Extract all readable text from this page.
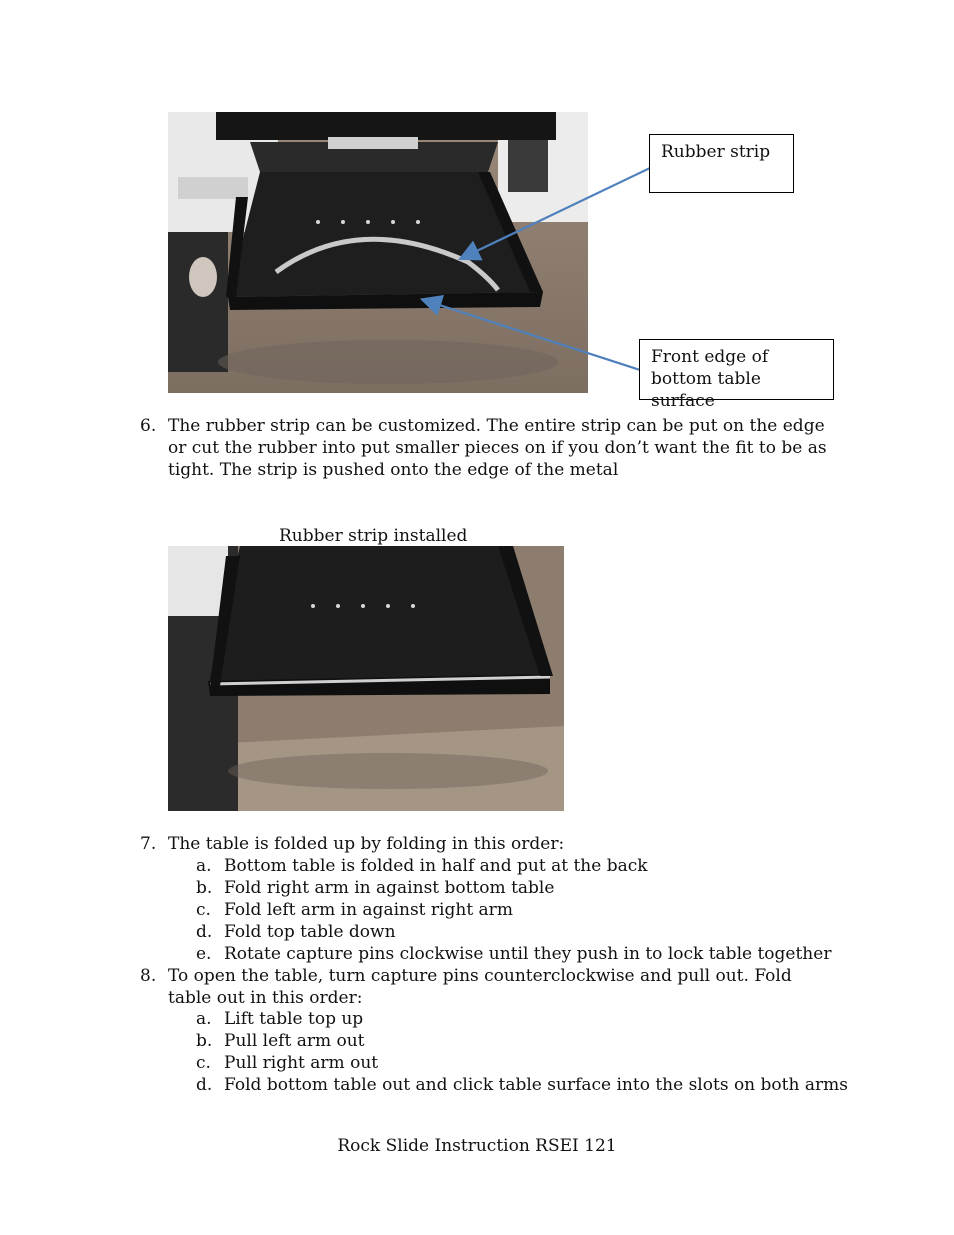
Rubber strip
Front edge of bottom table surface
6. The rubber strip can be customized. The entire strip can be put on the edge or cut the rubber into put smaller pieces on if you don’t want the fit to be as tight. The strip is pushed onto the edge of the metal
Rubber strip installed
7. The table is folded up by folding in this order:
a. Bottom table is folded in half and put at the back
b. Fold right arm in against bottom table
c. Fold left arm in against right arm
d. Fold top table down
e. Rotate capture pins clockwise until they push in to lock table together
8. To open the table, turn capture pins counterclockwise and pull out. Fold table out in this order:
a. Lift table top up
b. Pull left arm out
c. Pull right arm out
d. Fold bottom table out and click table surface into the slots on both arms
Rock Slide Instruction RSEI 121
